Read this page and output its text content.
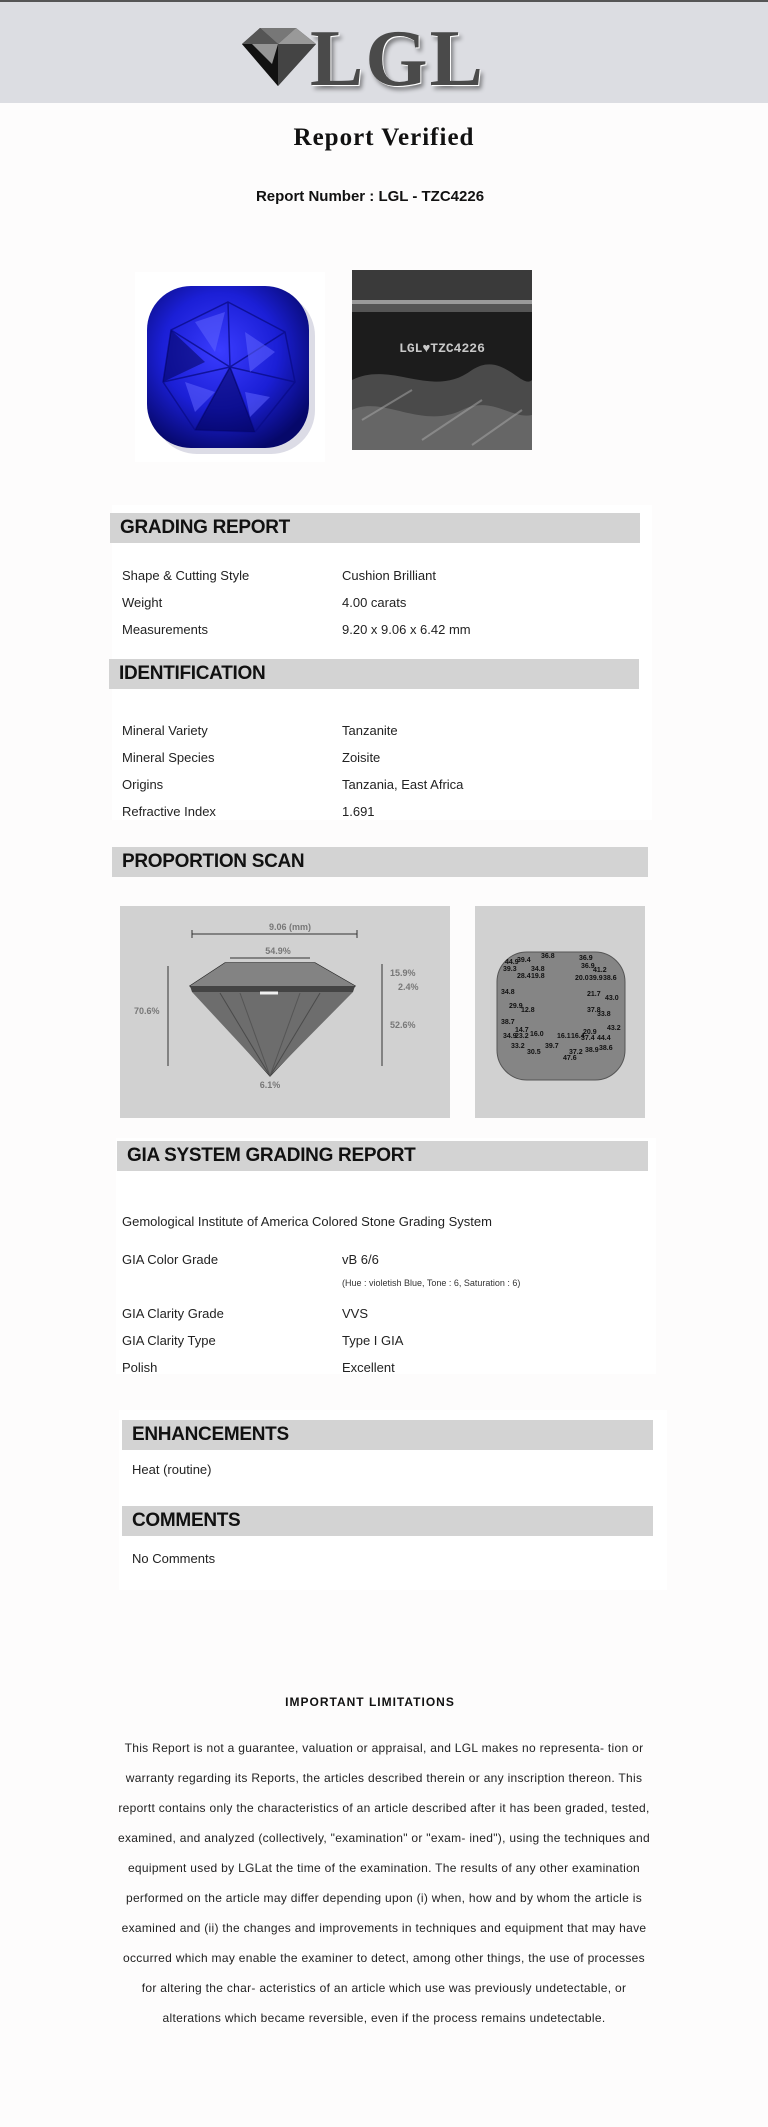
LGL
Report Verified
Report Number : LGL - TZC4226
LGL♥TZC4226
GRADING REPORT
Shape & Cutting Style	Cushion Brilliant
Weight	4.00 carats
Measurements	9.20 x 9.06 x 6.42 mm
IDENTIFICATION
Mineral Variety	Tanzanite
Mineral Species	Zoisite
Origins	Tanzania, East Africa
Refractive Index	1.691
PROPORTION SCAN
9.06 (mm)
54.9%
70.6%
15.9%
2.4%
52.6%
6.1%
44.9
39.4
36.8	36.9
36.9
39.3 34.8	41.2
28.4 19.8	20.0 39.9 38.6
34.8	21.7
43.0
29.9
12.8	37.8
33.8
38.7
14.7	20.9
43.2
34.9
23.2 16.0 16.1 16.4
37.4 44.4
33.2
30.5
39.7
37.2 38.9 38.6
47.6
GIA SYSTEM GRADING REPORT
Gemological Institute of America Colored Stone Grading System
GIA Color Grade	vB 6/6
(Hue : violetish Blue, Tone : 6, Saturation : 6)
GIA Clarity Grade	VVS
GIA Clarity Type	Type I GIA
Polish	Excellent
ENHANCEMENTS
Heat (routine)
COMMENTS
No Comments
IMPORTANT LIMITATIONS
This Report is not a guarantee, valuation or appraisal, and LGL makes no representa- tion or warranty regarding its Reports, the articles described therein or any inscription thereon. This reportt contains only the characteristics of an article described after it has been graded, tested, examined, and analyzed (collectively, "examination" or "exam- ined"), using the techniques and equipment used by LGLat the time of the examination. The results of any other examination performed on the article may differ depending upon (i) when, how and by whom the article is examined and (ii) the changes and improvements in techniques and equipment that may have occurred which may enable the examiner to detect, among other things, the use of processes for altering the char- acteristics of an article which use was previously undetectable, or alterations which became reversible, even if the process remains undetectable.
